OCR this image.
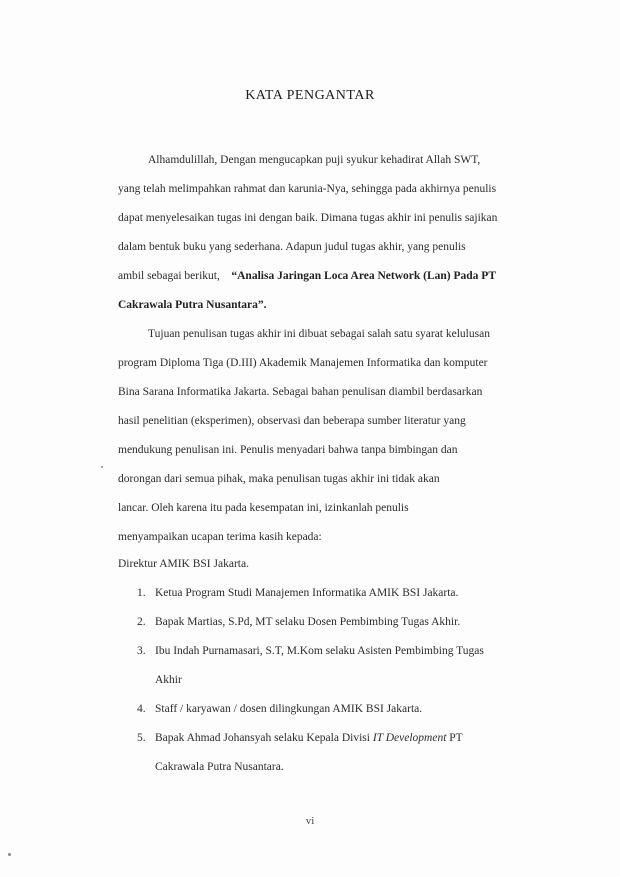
KATA PENGANTAR
Alhamdulillah, Dengan mengucapkan puji syukur kehadirat Allah SWT,
yang telah melimpahkan rahmat dan karunia-Nya, sehingga pada akhirnya penulis
dapat menyelesaikan tugas ini dengan baik. Dimana tugas akhir ini penulis sajikan
dalam bentuk buku yang sederhana. Adapun judul tugas akhir, yang penulis
ambil sebagai berikut, “Analisa Jaringan Loca Area Network (Lan) Pada PT
Cakrawala Putra Nusantara”.
Tujuan penulisan tugas akhir ini dibuat sebagai salah satu syarat kelulusan
program Diploma Tiga (D.III) Akademik Manajemen Informatika dan komputer
Bina Sarana Informatika Jakarta. Sebagai bahan penulisan diambil berdasarkan
hasil penelitian (eksperimen), observasi dan beberapa sumber literatur yang
mendukung penulisan ini. Penulis menyadari bahwa tanpa bimbingan dan
dorongan dari semua pihak, maka penulisan tugas akhir ini tidak akan
lancar. Oleh karena itu pada kesempatan ini, izinkanlah penulis
menyampaikan ucapan terima kasih kepada:
Direktur AMIK BSI Jakarta.
1. Ketua Program Studi Manajemen Informatika AMIK BSI Jakarta.
2. Bapak Martias, S.Pd, MT selaku Dosen Pembimbing Tugas Akhir.
3. Ibu Indah Purnamasari, S.T, M.Kom selaku Asisten Pembimbing Tugas
Akhir
4. Staff / karyawan / dosen dilingkungan AMIK BSI Jakarta.
5. Bapak Ahmad Johansyah selaku Kepala Divisi IT Development PT
Cakrawala Putra Nusantara.
vi
